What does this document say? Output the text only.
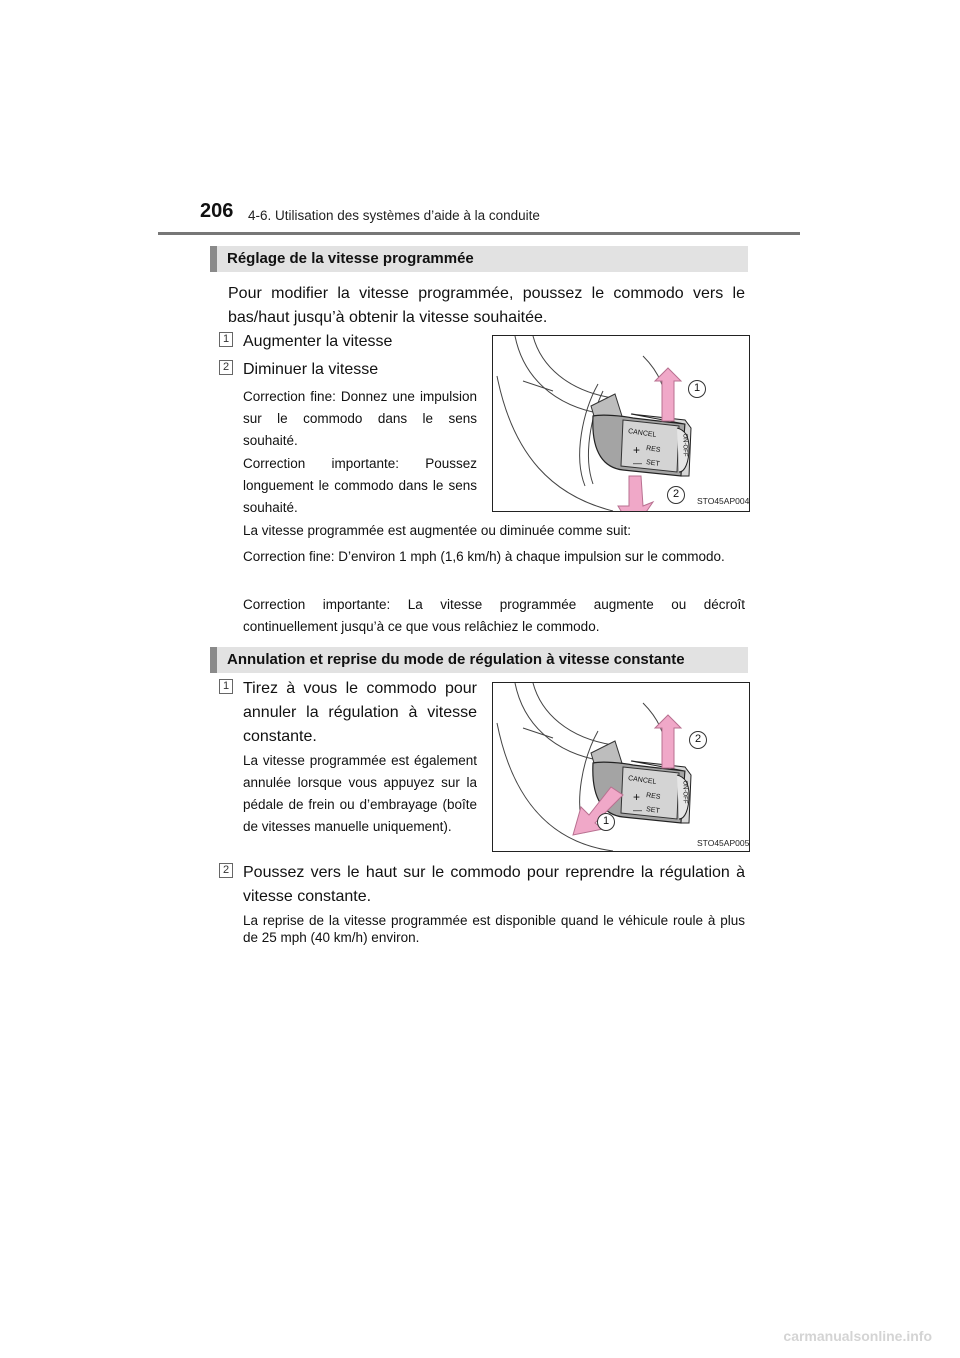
206 4-6. Utilisation des systèmes d’aide à la conduite
Réglage de la vitesse programmée
Pour modifier la vitesse programmée, poussez le commodo vers le bas/haut jusqu’à obtenir la vitesse souhaitée.
1 Augmenter la vitesse
2 Diminuer la vitesse
Correction fine: Donnez une impulsion sur le commodo dans le sens souhaité.
Correction importante: Poussez longuement le commodo dans le sens souhaité.
La vitesse programmée est augmentée ou diminuée comme suit:
Correction fine: D’environ 1 mph (1,6 km/h) à chaque impulsion sur le commodo.
Correction importante: La vitesse programmée augmente ou décroît continuellement jusqu’à ce que vous relâchiez le commodo.
CANCEL
+ RES
— SET
ON-OFF
1
2
STO45AP004
Annulation et reprise du mode de régulation à vitesse constante
1 Tirez à vous le commodo pour annuler la régulation à vitesse constante.
La vitesse programmée est également annulée lorsque vous appuyez sur la pédale de frein ou d’embrayage (boîte de vitesses manuelle uniquement).
CANCEL
+ RES
— SET
ON-OFF
2
1
STO45AP005
2 Poussez vers le haut sur le commodo pour reprendre la régulation à vitesse constante.
La reprise de la vitesse programmée est disponible quand le véhicule roule à plus de 25 mph (40 km/h) environ.
carmanualsonline.info
